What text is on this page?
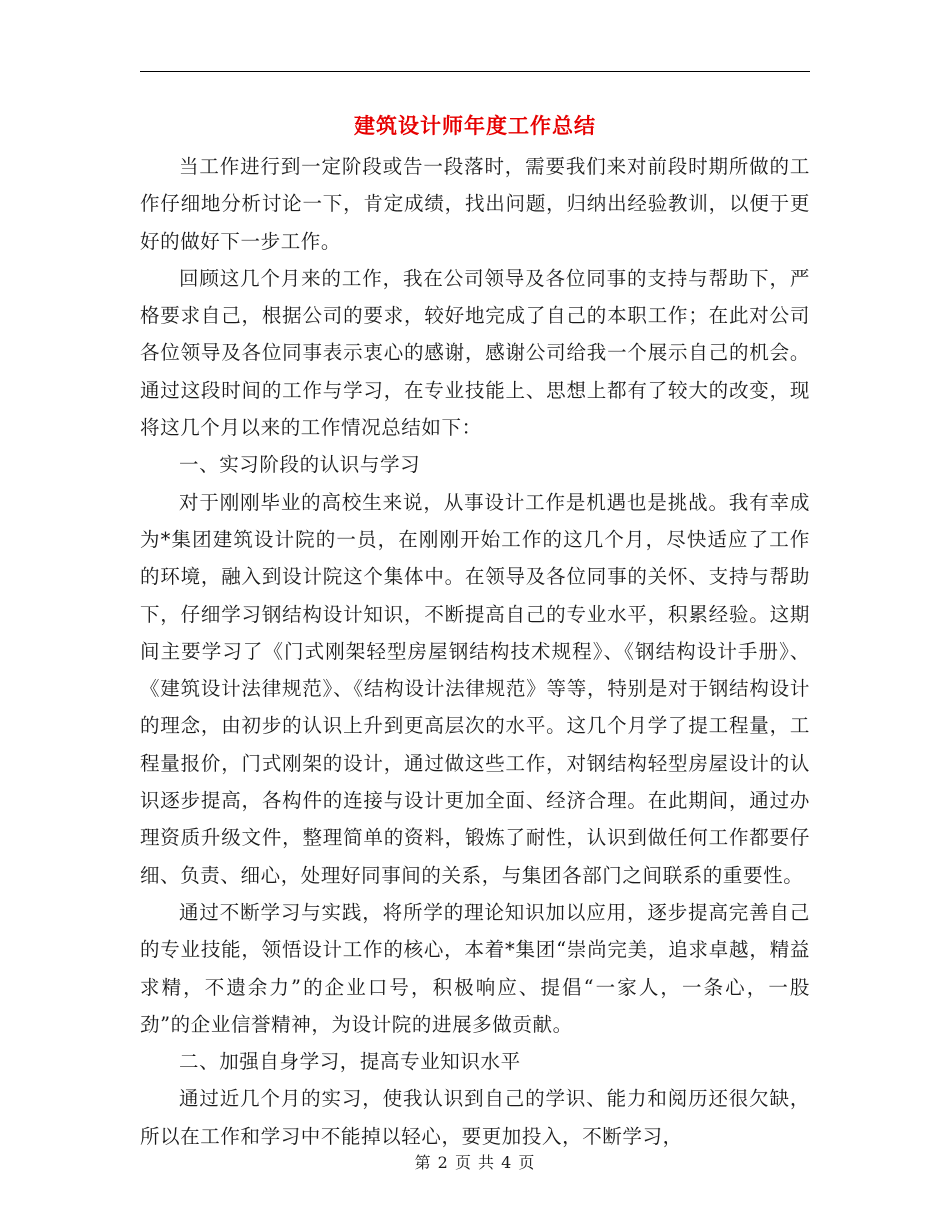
建筑设计师年度工作总结

当工作进行到一定阶段或告一段落时，需要我们来对前段时期所做的工作仔细地分析讨论一下，肯定成绩，找出问题，归纳出经验教训，以便于更好的做好下一步工作。

回顾这几个月来的工作，我在公司领导及各位同事的支持与帮助下，严格要求自己，根据公司的要求，较好地完成了自己的本职工作；在此对公司各位领导及各位同事表示衷心的感谢，感谢公司给我一个展示自己的机会。通过这段时间的工作与学习，在专业技能上、思想上都有了较大的改变，现将这几个月以来的工作情况总结如下：

一、实习阶段的认识与学习

对于刚刚毕业的高校生来说，从事设计工作是机遇也是挑战。我有幸成为*集团建筑设计院的一员，在刚刚开始工作的这几个月，尽快适应了工作的环境，融入到设计院这个集体中。在领导及各位同事的关怀、支持与帮助下，仔细学习钢结构设计知识，不断提高自己的专业水平，积累经验。这期间主要学习了《门式刚架轻型房屋钢结构技术规程》、《钢结构设计手册》、《建筑设计法律规范》、《结构设计法律规范》等等，特别是对于钢结构设计的理念，由初步的认识上升到更高层次的水平。这几个月学了提工程量，工程量报价，门式刚架的设计，通过做这些工作，对钢结构轻型房屋设计的认识逐步提高，各构件的连接与设计更加全面、经济合理。在此期间，通过办理资质升级文件，整理简单的资料，锻炼了耐性，认识到做任何工作都要仔细、负责、细心，处理好同事间的关系，与集团各部门之间联系的重要性。

通过不断学习与实践，将所学的理论知识加以应用，逐步提高完善自己的专业技能，领悟设计工作的核心，本着*集团“崇尚完美，追求卓越，精益求精，不遗余力”的企业口号，积极响应、提倡“一家人，一条心，一股劲”的企业信誉精神，为设计院的进展多做贡献。

二、加强自身学习，提高专业知识水平

通过近几个月的实习，使我认识到自己的学识、能力和阅历还很欠缺，所以在工作和学习中不能掉以轻心，要更加投入，不断学习，

第 2 页 共 4 页
